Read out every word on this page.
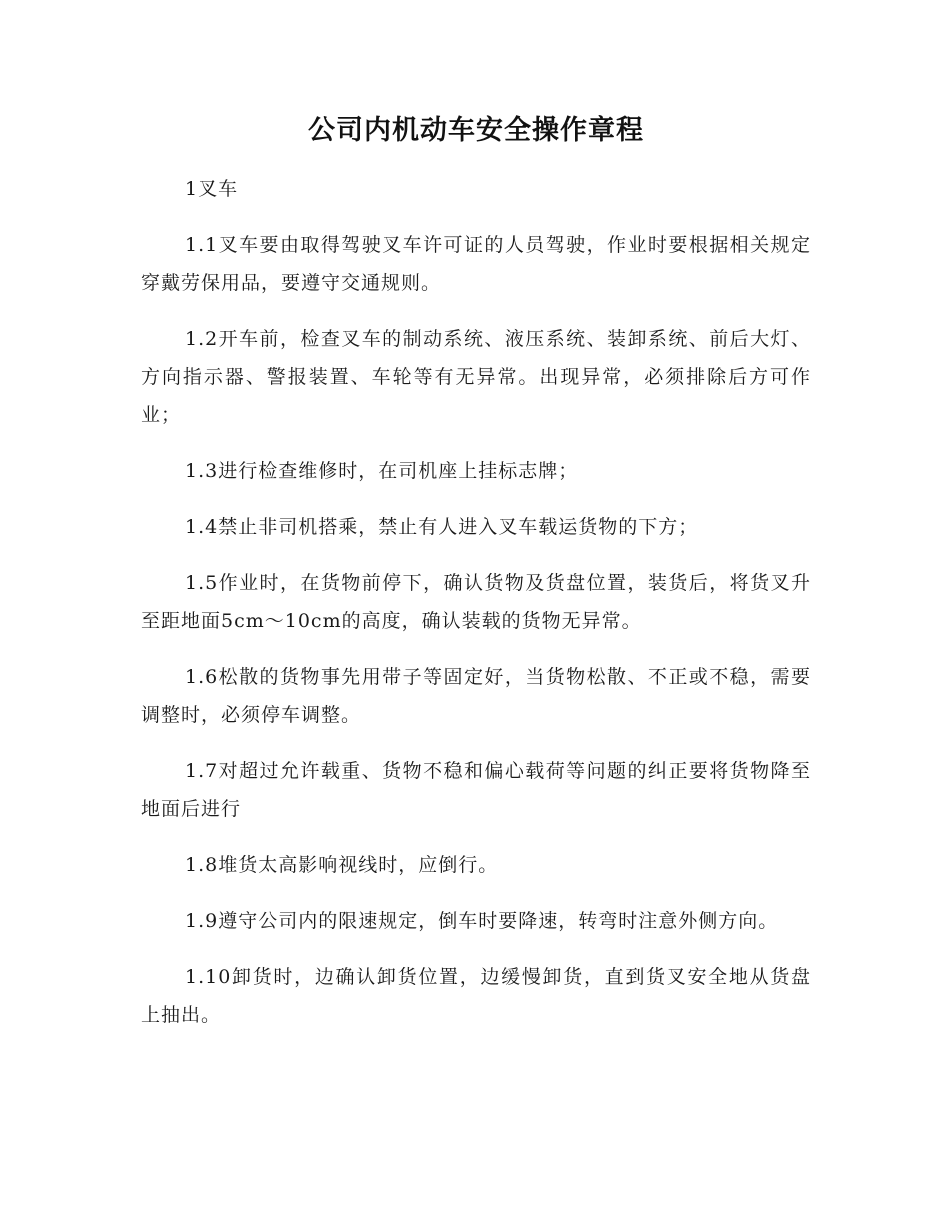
公司内机动车安全操作章程

1叉车

1.1叉车要由取得驾驶叉车许可证的人员驾驶，作业时要根据相关规定穿戴劳保用品，要遵守交通规则。

1.2开车前，检查叉车的制动系统、液压系统、装卸系统、前后大灯、方向指示器、警报装置、车轮等有无异常。出现异常，必须排除后方可作业；

1.3进行检查维修时，在司机座上挂标志牌；

1.4禁止非司机搭乘，禁止有人进入叉车载运货物的下方；

1.5作业时，在货物前停下，确认货物及货盘位置，装货后，将货叉升至距地面5cm～10cm的高度，确认装载的货物无异常。

1.6松散的货物事先用带子等固定好，当货物松散、不正或不稳，需要调整时，必须停车调整。

1.7对超过允许载重、货物不稳和偏心载荷等问题的纠正要将货物降至地面后进行

1.8堆货太高影响视线时，应倒行。

1.9遵守公司内的限速规定，倒车时要降速，转弯时注意外侧方向。

1.10卸货时，边确认卸货位置，边缓慢卸货，直到货叉安全地从货盘上抽出。
